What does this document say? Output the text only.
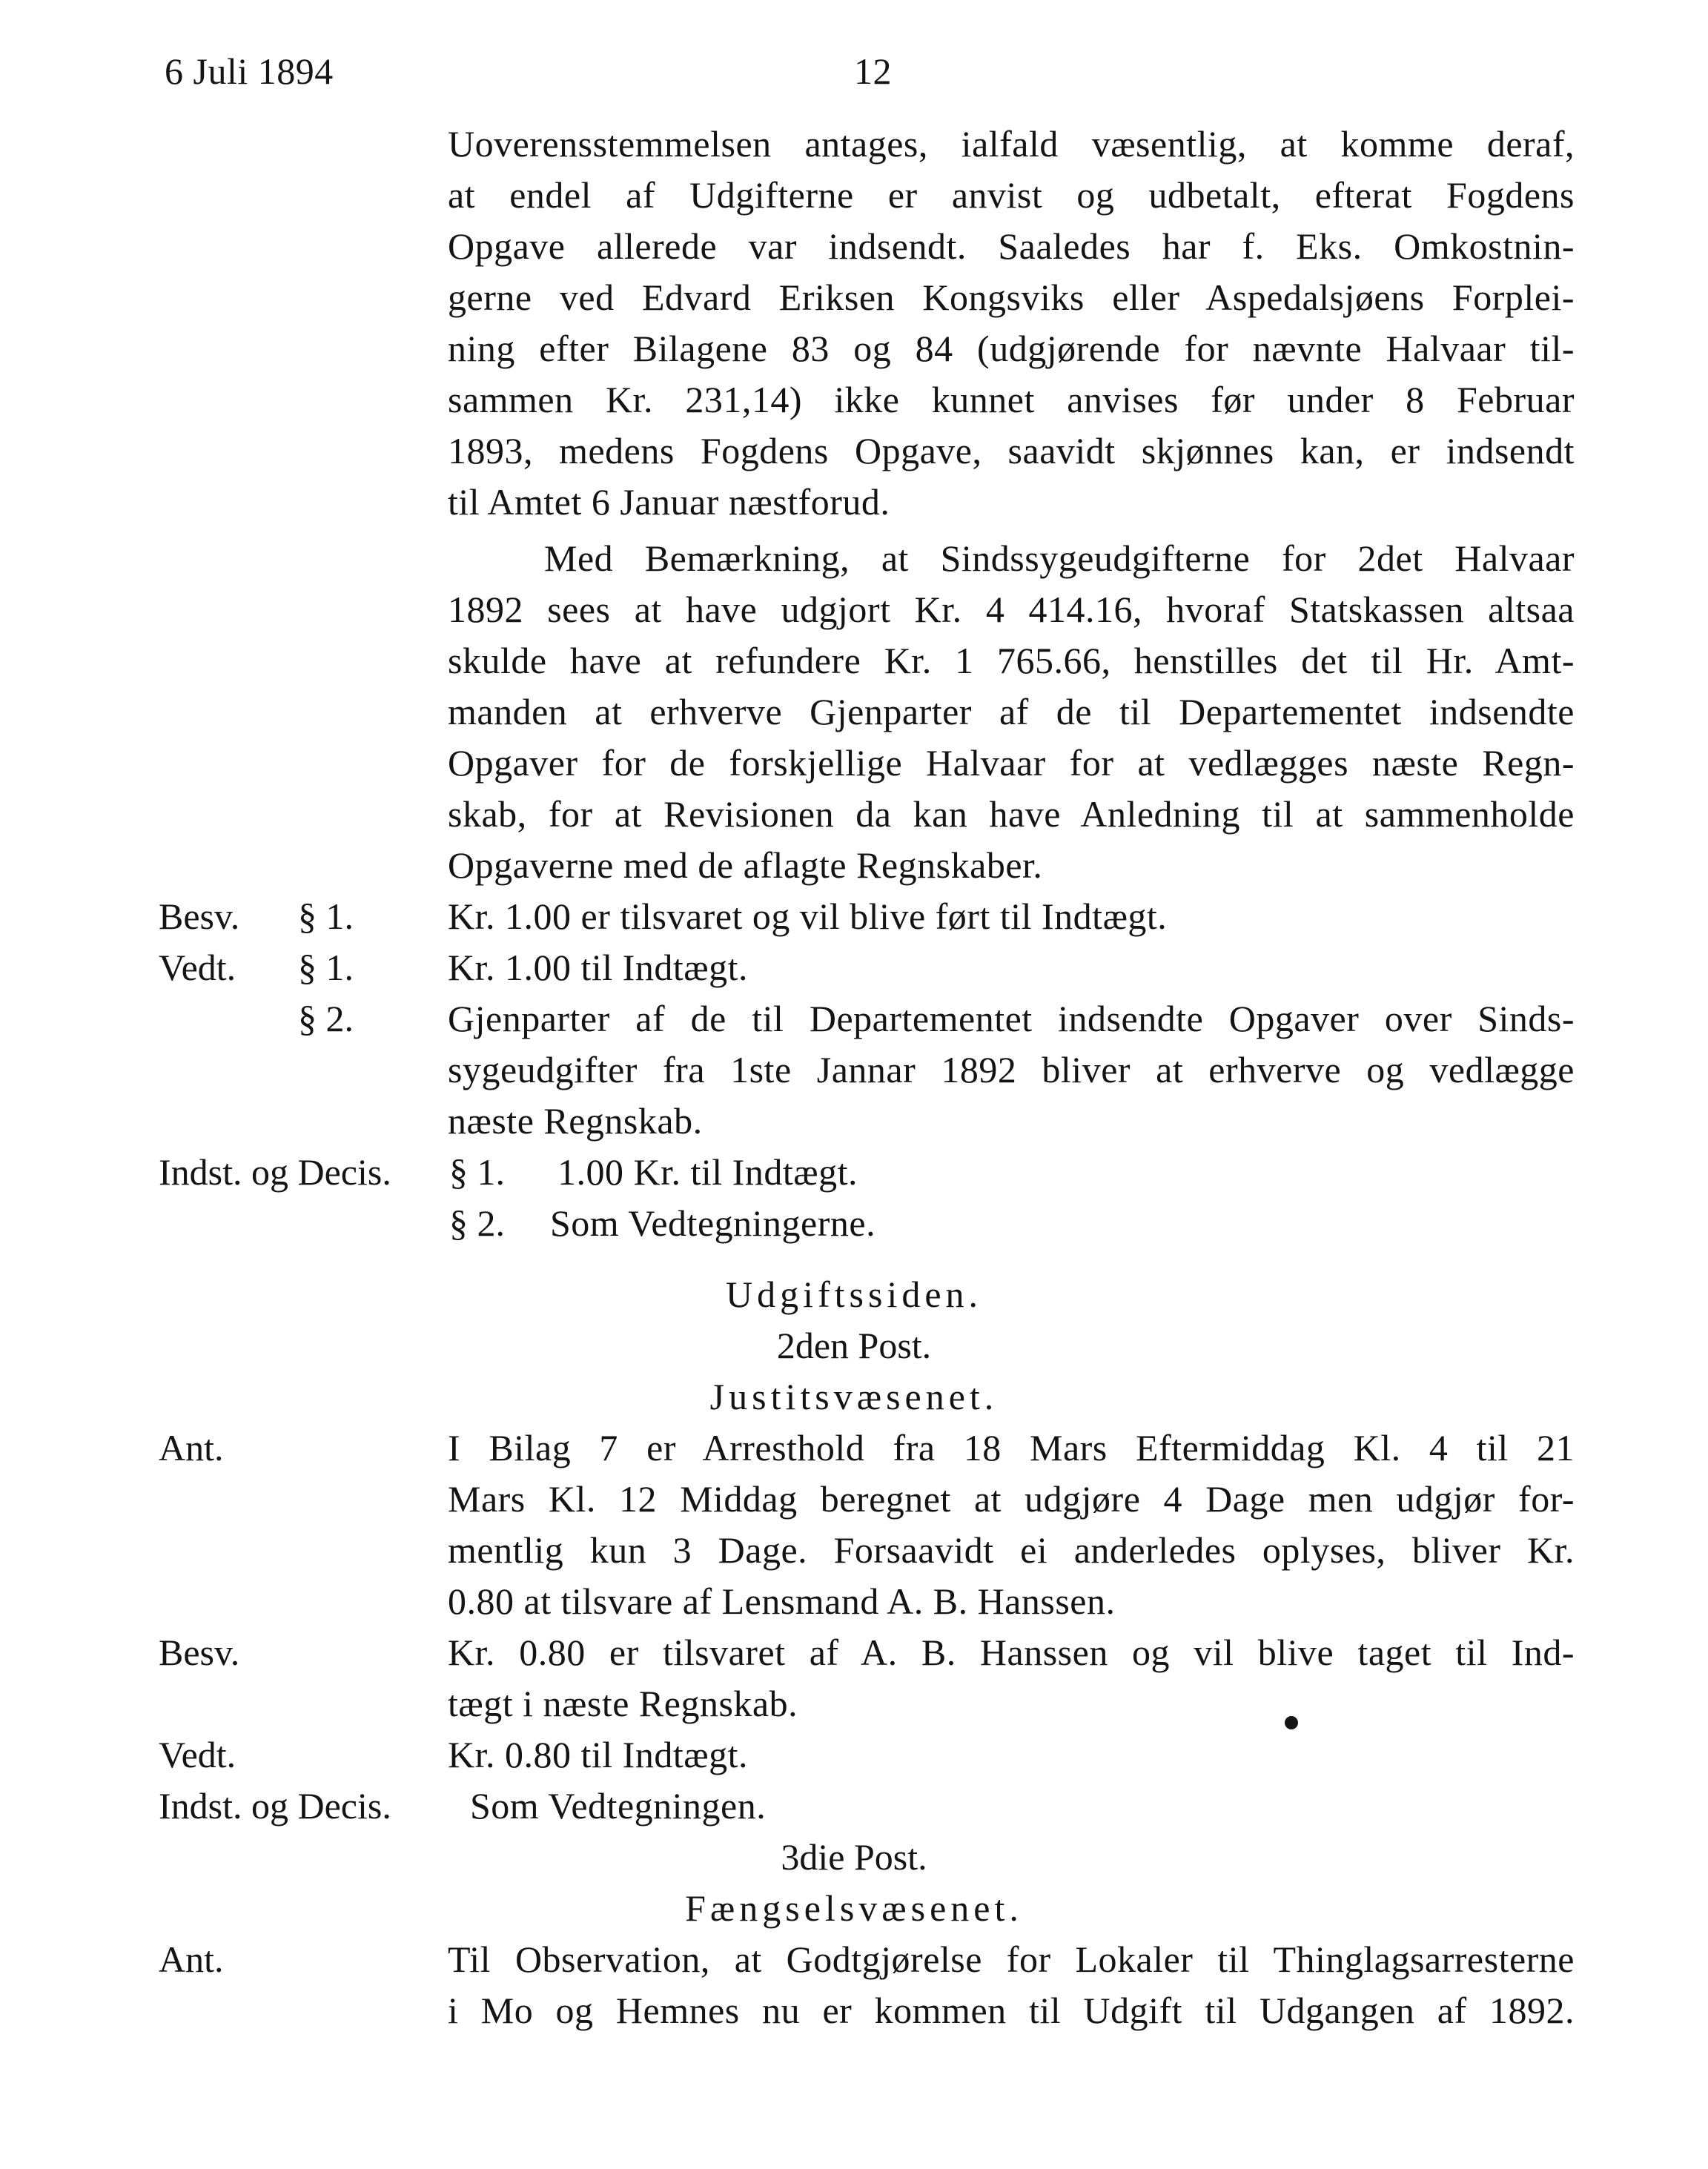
6 Juli 1894	12
Uoverensstemmelsen antages, ialfald væsentlig, at komme deraf,
at endel af Udgifterne er anvist og udbetalt, efterat Fogdens
Opgave allerede var indsendt. Saaledes har f. Eks. Omkostnin-
gerne ved Edvard Eriksen Kongsviks eller Aspedalsjøens Forplei-
ning efter Bilagene 83 og 84 (udgjørende for nævnte Halvaar til-
sammen Kr. 231,14) ikke kunnet anvises før under 8 Februar
1893, medens Fogdens Opgave, saavidt skjønnes kan, er indsendt
til Amtet 6 Januar næstforud.
Med Bemærkning, at Sindssygeudgifterne for 2det Halvaar
1892 sees at have udgjort Kr. 4 414.16, hvoraf Statskassen altsaa
skulde have at refundere Kr. 1 765.66, henstilles det til Hr. Amt-
manden at erhverve Gjenparter af de til Departementet indsendte
Opgaver for de forskjellige Halvaar for at vedlægges næste Regn-
skab, for at Revisionen da kan have Anledning til at sammenholde
Opgaverne med de aflagte Regnskaber.
Besv. § 1.	Kr. 1.00 er tilsvaret og vil blive ført til Indtægt.
Vedt. § 1.	Kr. 1.00 til Indtægt.
§ 2.	Gjenparter af de til Departementet indsendte Opgaver over Sinds-
sygeudgifter fra 1ste Jannar 1892 bliver at erhverve og vedlægge
næste Regnskab.
Indst. og Decis. § 1. 1.00 Kr. til Indtægt.
§ 2. Som Vedtegningerne.
Udgiftssiden.
2den Post.
Justitsvæsenet.
Ant.	I Bilag 7 er Arresthold fra 18 Mars Eftermiddag Kl. 4 til 21
Mars Kl. 12 Middag beregnet at udgjøre 4 Dage men udgjør for-
mentlig kun 3 Dage. Forsaavidt ei anderledes oplyses, bliver Kr.
0.80 at tilsvare af Lensmand A. B. Hanssen.
Besv.	Kr. 0.80 er tilsvaret af A. B. Hanssen og vil blive taget til Ind-
tægt i næste Regnskab.
Vedt.	Kr. 0.80 til Indtægt.
Indst. og Decis. Som Vedtegningen.
3die Post.
Fængselsvæsenet.
Ant.	Til Observation, at Godtgjørelse for Lokaler til Thinglagsarresterne
i Mo og Hemnes nu er kommen til Udgift til Udgangen af 1892.
